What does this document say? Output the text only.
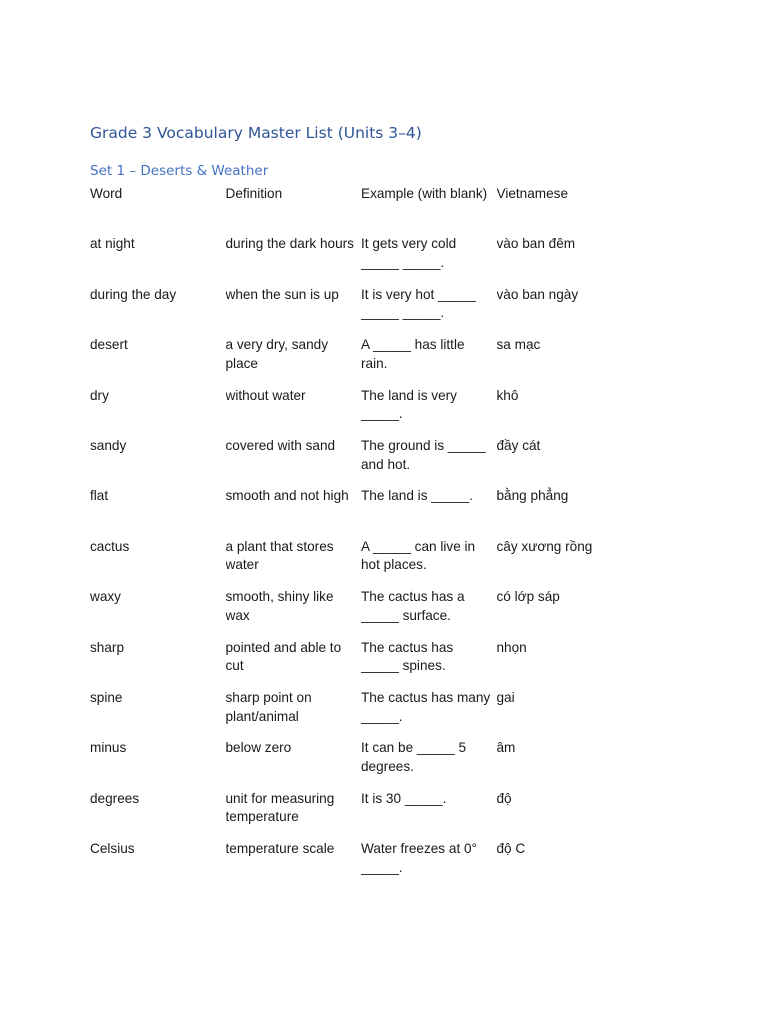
Grade 3 Vocabulary Master List (Units 3–4)
Set 1 – Deserts & Weather
Word	Definition	Example (with blank)	Vietnamese

at night	during the dark hours	It gets very cold _____ _____.	vào ban đêm

during the day	when the sun is up	It is very hot _____ _____ _____.	vào ban ngày

desert	a very dry, sandy place	A _____ has little rain.	sa mạc

dry	without water	The land is very _____.	khô

sandy	covered with sand	The ground is _____ and hot.	đầy cát

flat	smooth and not high	The land is _____.	bằng phẳng

cactus	a plant that stores water	A _____ can live in hot places.	cây xương rồng

waxy	smooth, shiny like wax	The cactus has a _____ surface.	có lớp sáp

sharp	pointed and able to cut	The cactus has _____ spines.	nhọn

spine	sharp point on plant/animal	The cactus has many _____.	gai

minus	below zero	It can be _____ 5 degrees.	âm

degrees	unit for measuring temperature	It is 30 _____.	độ

Celsius	temperature scale	Water freezes at 0° _____.	độ C
